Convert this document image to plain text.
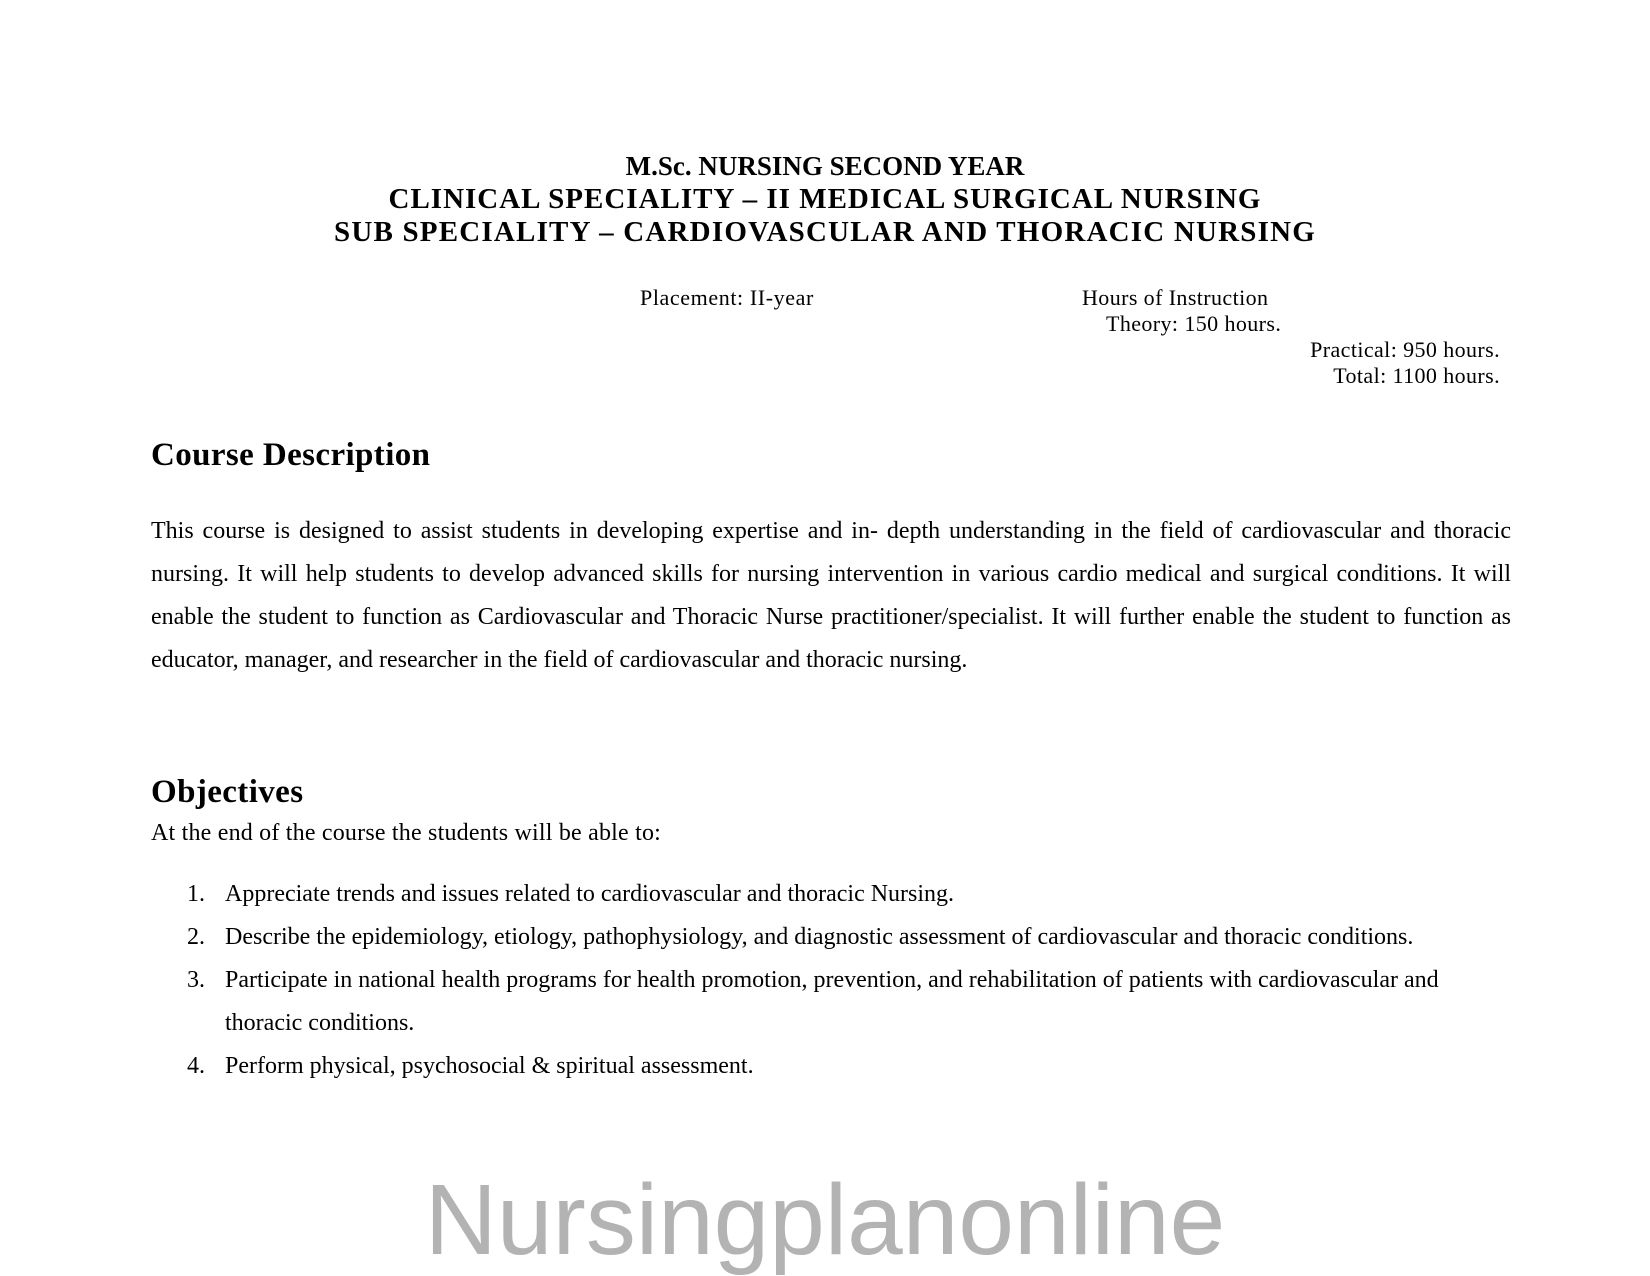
M.Sc. NURSING SECOND YEAR
CLINICAL SPECIALITY – II MEDICAL SURGICAL NURSING
SUB SPECIALITY – CARDIOVASCULAR AND THORACIC NURSING
Placement: II-year	Hours of Instruction
Theory: 150 hours.
Practical: 950 hours.
Total: 1100 hours.
Course Description
This course is designed to assist students in developing expertise and in- depth understanding in the field of cardiovascular and thoracic nursing. It will help students to develop advanced skills for nursing intervention in various cardio medical and surgical conditions. It will enable the student to function as Cardiovascular and Thoracic Nurse practitioner/specialist. It will further enable the student to function as educator, manager, and researcher in the field of cardiovascular and thoracic nursing.
Objectives
At the end of the course the students will be able to:
1. Appreciate trends and issues related to cardiovascular and thoracic Nursing.
2. Describe the epidemiology, etiology, pathophysiology, and diagnostic assessment of cardiovascular and thoracic conditions.
3. Participate in national health programs for health promotion, prevention, and rehabilitation of patients with cardiovascular and thoracic conditions.
4. Perform physical, psychosocial & spiritual assessment.
Nursingplanonline
